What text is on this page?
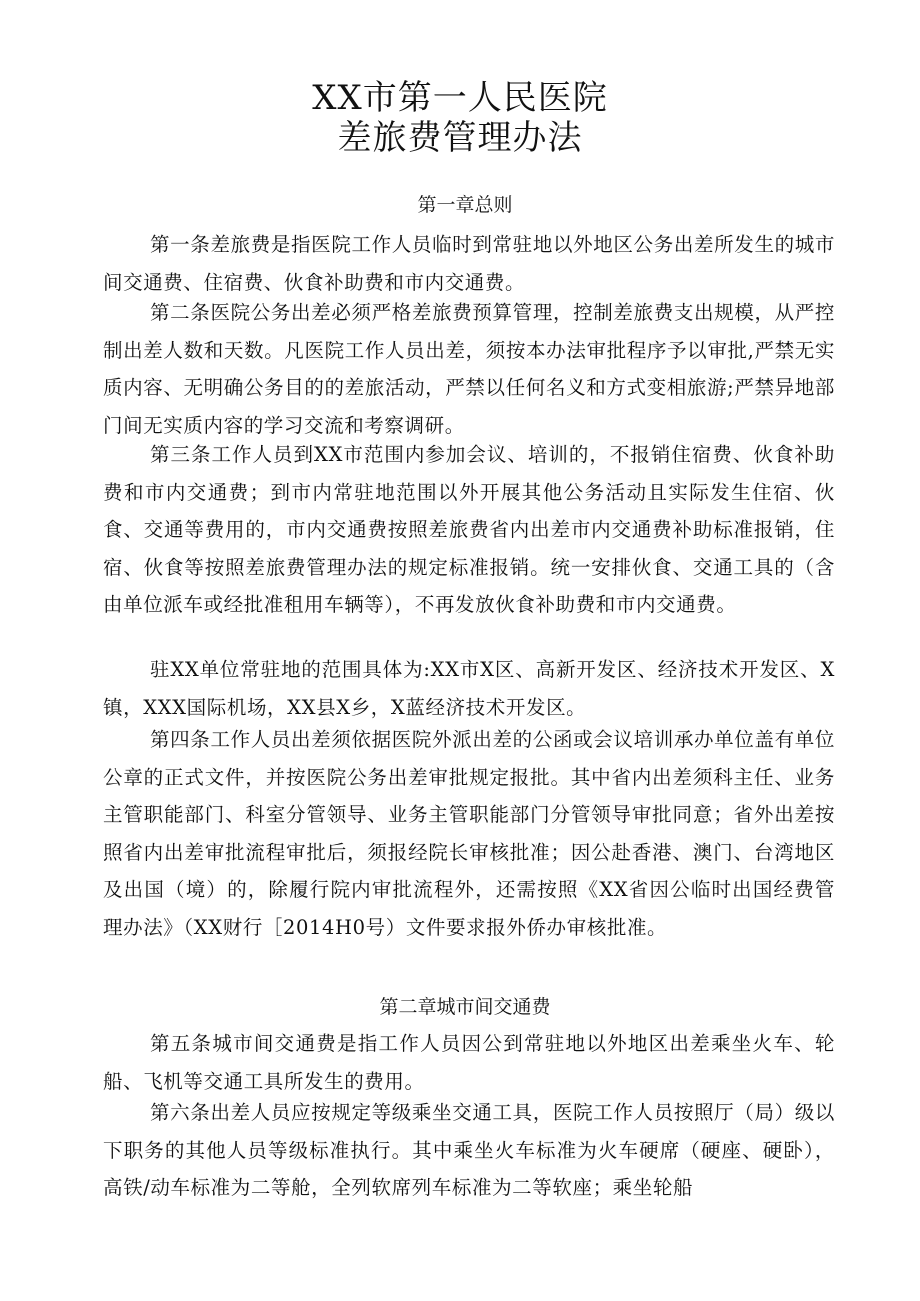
XX市第一人民医院
差旅费管理办法
第一章总则

第一条差旅费是指医院工作人员临时到常驻地以外地区公务出差所发生的城市间交通费、住宿费、伙食补助费和市内交通费。

第二条医院公务出差必须严格差旅费预算管理，控制差旅费支出规模，从严控制出差人数和天数。凡医院工作人员出差，须按本办法审批程序予以审批,严禁无实质内容、无明确公务目的的差旅活动，严禁以任何名义和方式变相旅游;严禁异地部门间无实质内容的学习交流和考察调研。

第三条工作人员到XX市范围内参加会议、培训的，不报销住宿费、伙食补助费和市内交通费；到市内常驻地范围以外开展其他公务活动且实际发生住宿、伙食、交通等费用的，市内交通费按照差旅费省内出差市内交通费补助标准报销，住宿、伙食等按照差旅费管理办法的规定标准报销。统一安排伙食、交通工具的（含由单位派车或经批准租用车辆等），不再发放伙食补助费和市内交通费。

驻XX单位常驻地的范围具体为:XX市X区、高新开发区、经济技术开发区、X镇，XXX国际机场，XX县X乡，X蓝经济技术开发区。

第四条工作人员出差须依据医院外派出差的公函或会议培训承办单位盖有单位公章的正式文件，并按医院公务出差审批规定报批。其中省内出差须科主任、业务主管职能部门、科室分管领导、业务主管职能部门分管领导审批同意；省外出差按照省内出差审批流程审批后，须报经院长审核批准；因公赴香港、澳门、台湾地区及出国（境）的，除履行院内审批流程外，还需按照《XX省因公临时出国经费管理办法》（XX财行［2014H0号）文件要求报外侨办审核批准。

第二章城市间交通费

第五条城市间交通费是指工作人员因公到常驻地以外地区出差乘坐火车、轮船、飞机等交通工具所发生的费用。

第六条出差人员应按规定等级乘坐交通工具，医院工作人员按照厅（局）级以下职务的其他人员等级标准执行。其中乘坐火车标准为火车硬席（硬座、硬卧），高铁/动车标准为二等舱，全列软席列车标准为二等软座；乘坐轮船
